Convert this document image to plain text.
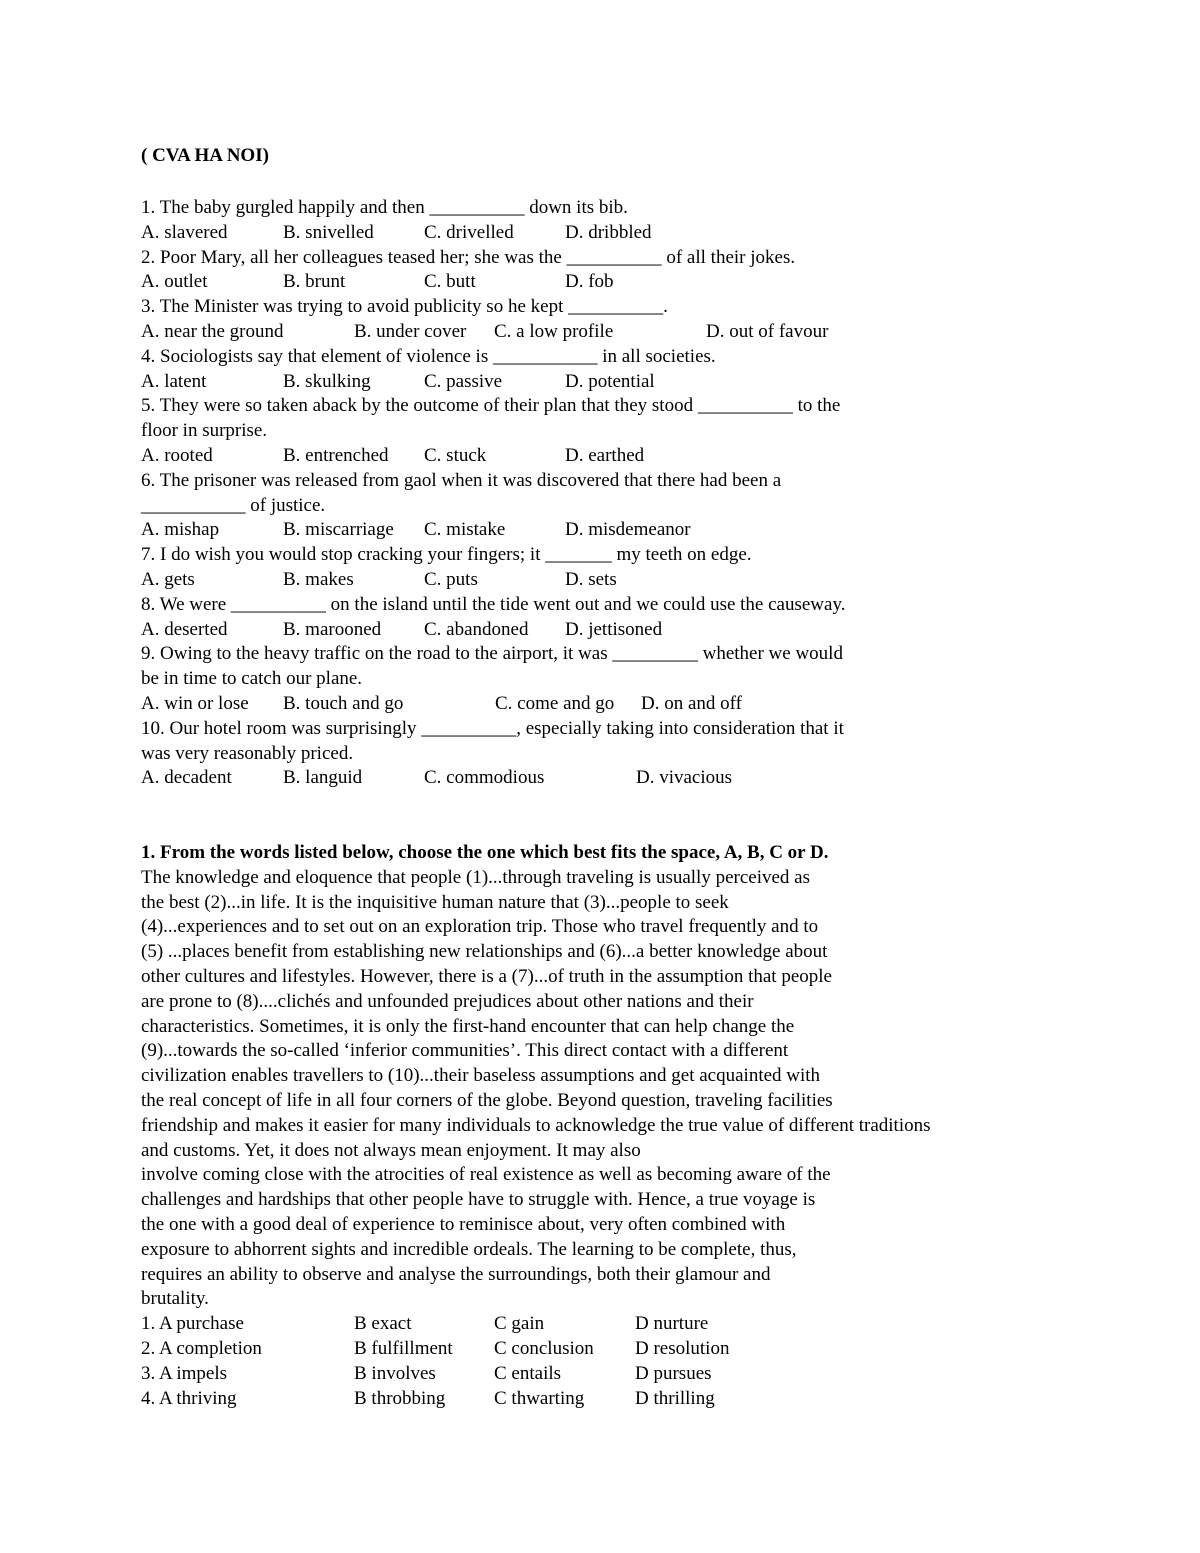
( CVA HA NOI)

1. The baby gurgled happily and then __________ down its bib.

A. slavered	B. snivelled	C. drivelled	D. dribbled

2. Poor Mary, all her colleagues teased her; she was the __________ of all their jokes.

A. outlet	B. brunt	C. butt	D. fob

3. The Minister was trying to avoid publicity so he kept __________.

A. near the ground	B. under cover C. a low profile	D. out of favour

4. Sociologists say that element of violence is ___________ in all societies.

A. latent	B. skulking	C. passive	D. potential

5. They were so taken aback by the outcome of their plan that they stood __________ to the

floor in surprise.

A. rooted	B. entrenched C. stuck	D. earthed

6. The prisoner was released from gaol when it was discovered that there had been a

___________ of justice.

A. mishap	B. miscarriage C. mistake	D. misdemeanor

7. I do wish you would stop cracking your fingers; it _______ my teeth on edge.

A. gets	B. makes	C. puts	D. sets

8. We were __________ on the island until the tide went out and we could use the causeway.

A. deserted	B. marooned C. abandoned D. jettisoned

9. Owing to the heavy traffic on the road to the airport, it was _________ whether we would

be in time to catch our plane.

A. win or lose B. touch and go	C. come and go D. on and off

10. Our hotel room was surprisingly __________, especially taking into consideration that it

was very reasonably priced.

A. decadent	B. languid	C. commodious	D. vivacious

1. From the words listed below, choose the one which best fits the space, A, B, C or D.

The knowledge and eloquence that people (1)...through traveling is usually perceived as

the best (2)...in life. It is the inquisitive human nature that (3)...people to seek

(4)...experiences and to set out on an exploration trip. Those who travel frequently and to

(5) ...places benefit from establishing new relationships and (6)...a better knowledge about

other cultures and lifestyles. However, there is a (7)...of truth in the assumption that people

are prone to (8)....clichés and unfounded prejudices about other nations and their

characteristics. Sometimes, it is only the first-hand encounter that can help change the

(9)...towards the so-called ‘inferior communities’. This direct contact with a different

civilization enables travellers to (10)...their baseless assumptions and get acquainted with

the real concept of life in all four corners of the globe. Beyond question, traveling facilities

friendship and makes it easier for many individuals to acknowledge the true value of different traditions

and customs. Yet, it does not always mean enjoyment. It may also

involve coming close with the atrocities of real existence as well as becoming aware of the

challenges and hardships that other people have to struggle with. Hence, a true voyage is

the one with a good deal of experience to reminisce about, very often combined with

exposure to abhorrent sights and incredible ordeals. The learning to be complete, thus,

requires an ability to observe and analyse the surroundings, both their glamour and

brutality.

1. A purchase	B exact	C gain	D nurture
2. A completion	B fulfillment C conclusion D resolution
3. A impels	B involves	C entails	D pursues
4. A thriving	B throbbing	C thwarting	D thrilling
